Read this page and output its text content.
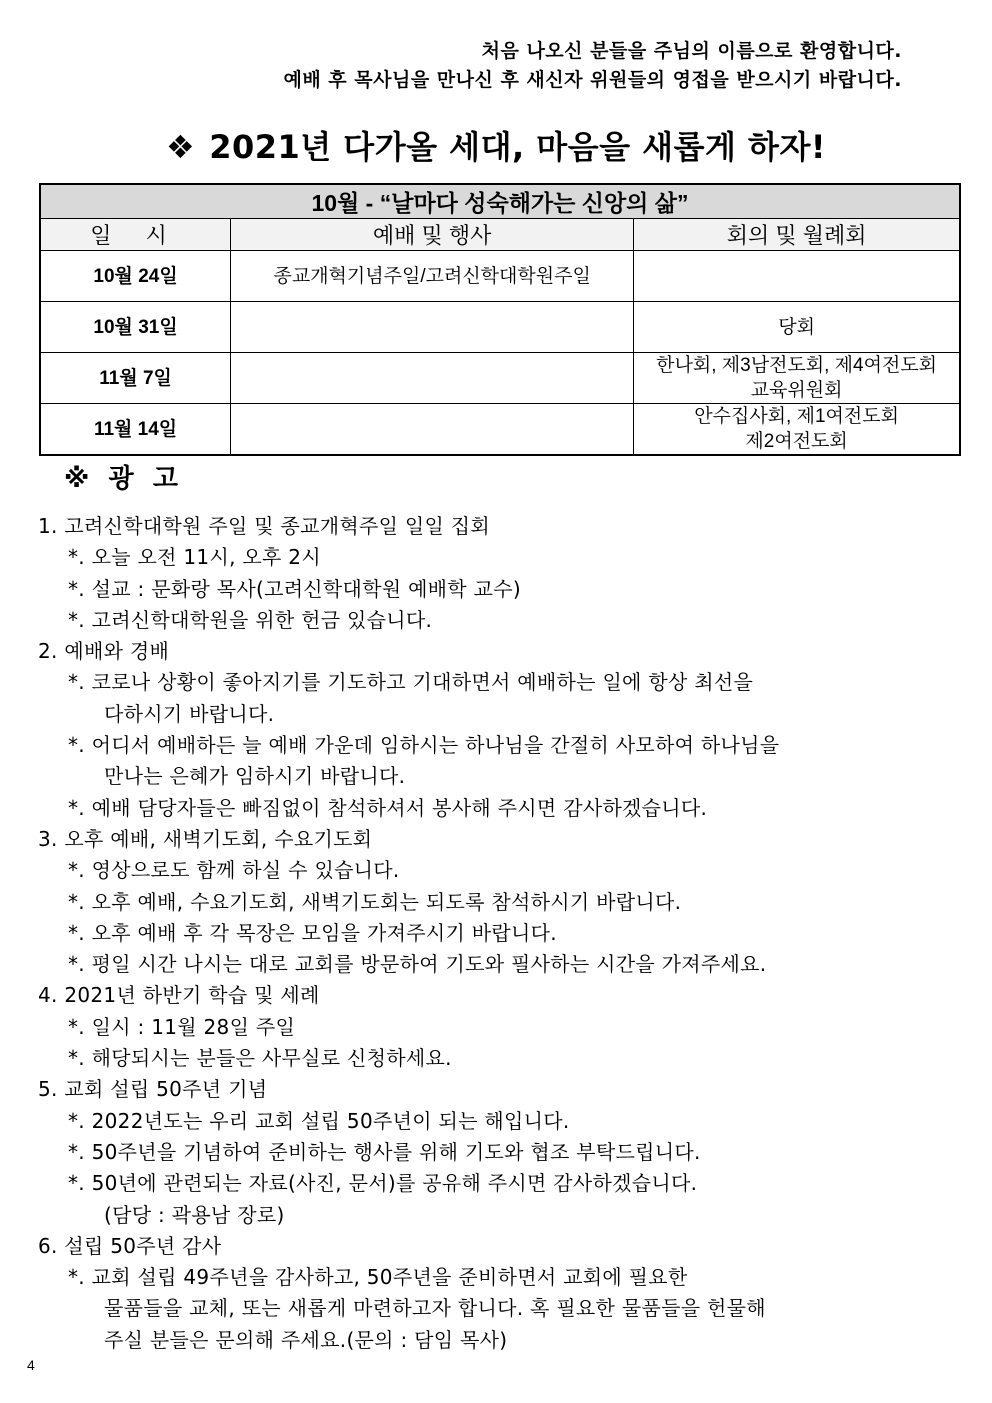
처음 나오신 분들을 주님의 이름으로 환영합니다.
예배 후 목사님을 만나신 후 새신자 위원들의 영접을 받으시기 바랍니다.
❖ 2021년 다가올 세대, 마음을 새롭게 하자!
10월 - “날마다 성숙해가는 신앙의 삶”		
일 시	예배 및 행사	회의 및 월례회
10월 24일	종교개혁기념주일/고려신학대학원주일	

10월 31일		당회

11월 7일		한나회, 제3남전도회, 제4여전도회
교육위원회

11월 14일		안수집사회, 제1여전도회
제2여전도회
※ 광 고
1. 고려신학대학원 주일 및 종교개혁주일 일일 집회
*. 오늘 오전 11시, 오후 2시
*. 설교 : 문화랑 목사(고려신학대학원 예배학 교수)
*. 고려신학대학원을 위한 헌금 있습니다.
2. 예배와 경배
*. 코로나 상황이 좋아지기를 기도하고 기대하면서 예배하는 일에 항상 최선을
다하시기 바랍니다.
*. 어디서 예배하든 늘 예배 가운데 임하시는 하나님을 간절히 사모하여 하나님을
만나는 은혜가 임하시기 바랍니다.
*. 예배 담당자들은 빠짐없이 참석하셔서 봉사해 주시면 감사하겠습니다.
3. 오후 예배, 새벽기도회, 수요기도회
*. 영상으로도 함께 하실 수 있습니다.
*. 오후 예배, 수요기도회, 새벽기도회는 되도록 참석하시기 바랍니다.
*. 오후 예배 후 각 목장은 모임을 가져주시기 바랍니다.
*. 평일 시간 나시는 대로 교회를 방문하여 기도와 필사하는 시간을 가져주세요.
4. 2021년 하반기 학습 및 세례
*. 일시 : 11월 28일 주일
*. 해당되시는 분들은 사무실로 신청하세요.
5. 교회 설립 50주년 기념
*. 2022년도는 우리 교회 설립 50주년이 되는 해입니다.
*. 50주년을 기념하여 준비하는 행사를 위해 기도와 협조 부탁드립니다.
*. 50년에 관련되는 자료(사진, 문서)를 공유해 주시면 감사하겠습니다.
(담당 : 곽용남 장로)
6. 설립 50주년 감사
*. 교회 설립 49주년을 감사하고, 50주년을 준비하면서 교회에 필요한
물품들을 교체, 또는 새롭게 마련하고자 합니다. 혹 필요한 물품들을 헌물해
주실 분들은 문의해 주세요.(문의 : 담임 목사)
4
